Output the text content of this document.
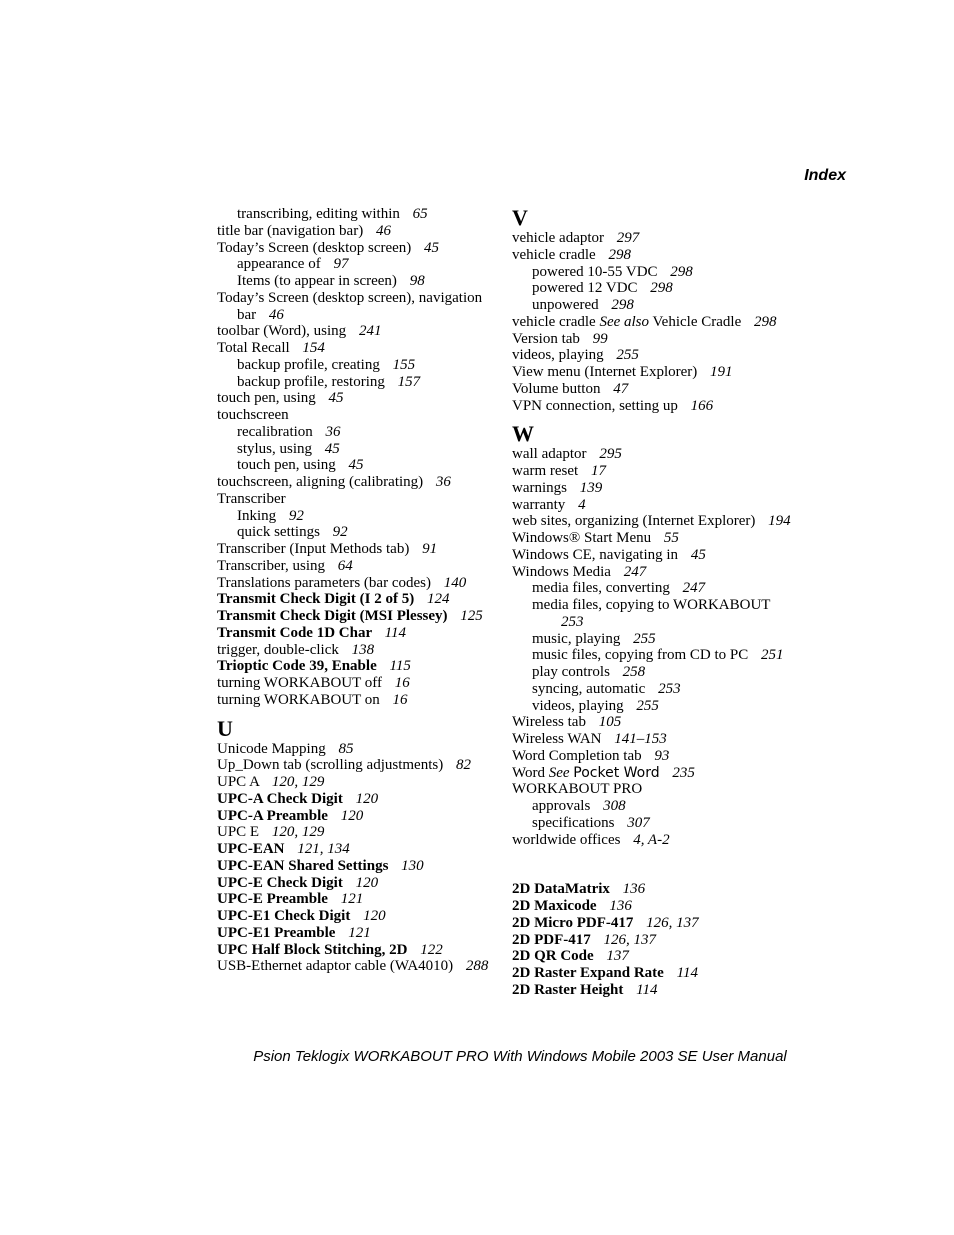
Index

transcribing, editing within 65

title bar (navigation bar) 46

Today’s Screen (desktop screen) 45

appearance of 97

Items (to appear in screen) 98

Today’s Screen (desktop screen), navigation bar 46

toolbar (Word), using 241

Total Recall 154

backup profile, creating 155

backup profile, restoring 157

touch pen, using 45

touchscreen

recalibration 36

stylus, using 45

touch pen, using 45

touchscreen, aligning (calibrating) 36

Transcriber

Inking 92

quick settings 92

Transcriber (Input Methods tab) 91

Transcriber, using 64

Translations parameters (bar codes) 140

Transmit Check Digit (I 2 of 5) 124

Transmit Check Digit (MSI Plessey) 125

Transmit Code 1D Char 114

trigger, double-click 138

Trioptic Code 39, Enable 115

turning WORKABOUT off 16

turning WORKABOUT on 16

U

Unicode Mapping 85

Up_Down tab (scrolling adjustments) 82

UPC A 120, 129

UPC-A Check Digit 120

UPC-A Preamble 120

UPC E 120, 129

UPC-EAN 121, 134

UPC-EAN Shared Settings 130

UPC-E Check Digit 120

UPC-E Preamble 121

UPC-E1 Check Digit 120

UPC-E1 Preamble 121

UPC Half Block Stitching, 2D 122

USB-Ethernet adaptor cable (WA4010) 288

V

vehicle adaptor 297

vehicle cradle 298

powered 10-55 VDC 298

powered 12 VDC 298

unpowered 298

vehicle cradle See also Vehicle Cradle 298

Version tab 99

videos, playing 255

View menu (Internet Explorer) 191

Volume button 47

VPN connection, setting up 166

W

wall adaptor 295

warm reset 17

warnings 139

warranty 4

web sites, organizing (Internet Explorer) 194

Windows® Start Menu 55

Windows CE, navigating in 45

Windows Media 247

media files, converting 247

media files, copying to WORKABOUT 253

music, playing 255

music files, copying from CD to PC 251

play controls 258

syncing, automatic 253

videos, playing 255

Wireless tab 105

Wireless WAN 141–153

Word Completion tab 93

Word See Pocket Word 235

WORKABOUT PRO

approvals 308

specifications 307

worldwide offices 4, A-2

2D DataMatrix 136

2D Maxicode 136

2D Micro PDF-417 126, 137

2D PDF-417 126, 137

2D QR Code 137

2D Raster Expand Rate 114

2D Raster Height 114

Psion Teklogix WORKABOUT PRO With Windows Mobile 2003 SE User Manual
